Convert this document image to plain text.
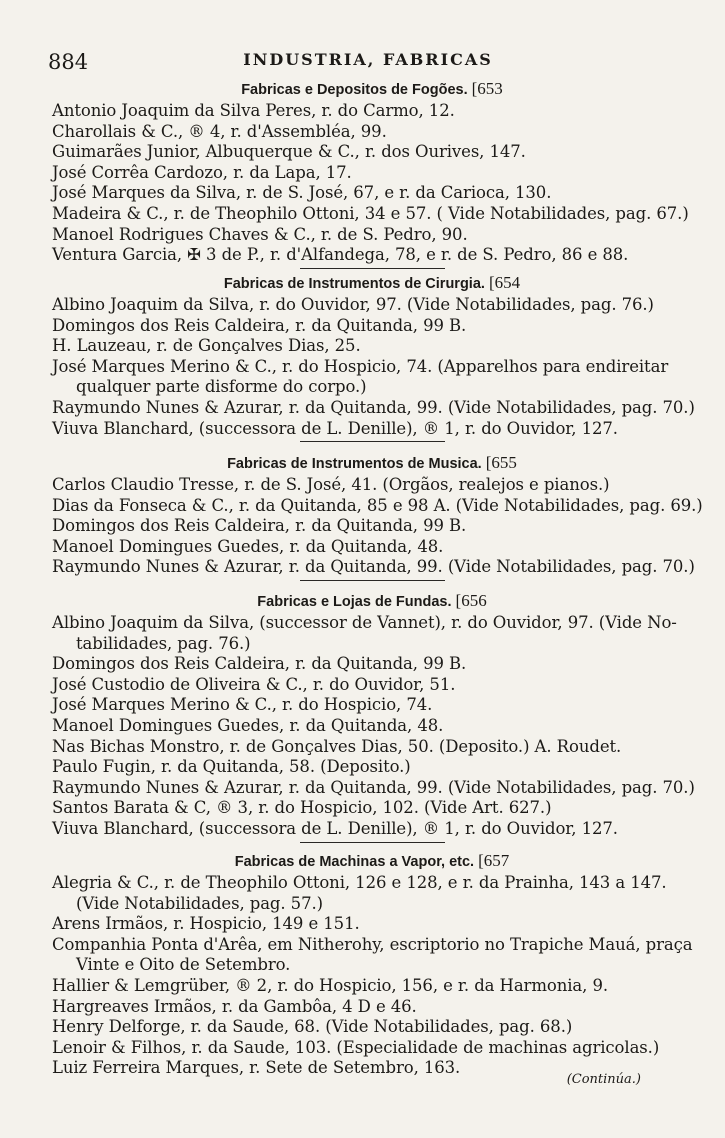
884	INDUSTRIA, FABRICAS
Fabricas e Depositos de Fogões. [653
Antonio Joaquim da Silva Peres, r. do Carmo, 12.
Charollais & C., ® 4, r. d'Assembléa, 99.
Guimarães Junior, Albuquerque & C., r. dos Ourives, 147.
José Corrêa Cardozo, r. da Lapa, 17.
José Marques da Silva, r. de S. José, 67, e r. da Carioca, 130.
Madeira & C., r. de Theophilo Ottoni, 34 e 57. ( Vide Notabilidades, pag. 67.)
Manoel Rodrigues Chaves & C., r. de S. Pedro, 90.
Ventura Garcia, ✠ 3 de P., r. d'Alfandega, 78, e r. de S. Pedro, 86 e 88.
Fabricas de Instrumentos de Cirurgia. [654
Albino Joaquim da Silva, r. do Ouvidor, 97. (Vide Notabilidades, pag. 76.)
Domingos dos Reis Caldeira, r. da Quitanda, 99 B.
H. Lauzeau, r. de Gonçalves Dias, 25.
José Marques Merino & C., r. do Hospicio, 74. (Apparelhos para endireitar
qualquer parte disforme do corpo.)
Raymundo Nunes & Azurar, r. da Quitanda, 99. (Vide Notabilidades, pag. 70.)
Viuva Blanchard, (successora de L. Denille), ® 1, r. do Ouvidor, 127.
Fabricas de Instrumentos de Musica. [655
Carlos Claudio Tresse, r. de S. José, 41. (Orgãos, realejos e pianos.)
Dias da Fonseca & C., r. da Quitanda, 85 e 98 A. (Vide Notabilidades, pag. 69.)
Domingos dos Reis Caldeira, r. da Quitanda, 99 B.
Manoel Domingues Guedes, r. da Quitanda, 48.
Raymundo Nunes & Azurar, r. da Quitanda, 99. (Vide Notabilidades, pag. 70.)
Fabricas e Lojas de Fundas. [656
Albino Joaquim da Silva, (successor de Vannet), r. do Ouvidor, 97. (Vide No-
tabilidades, pag. 76.)
Domingos dos Reis Caldeira, r. da Quitanda, 99 B.
José Custodio de Oliveira & C., r. do Ouvidor, 51.
José Marques Merino & C., r. do Hospicio, 74.
Manoel Domingues Guedes, r. da Quitanda, 48.
Nas Bichas Monstro, r. de Gonçalves Dias, 50. (Deposito.) A. Roudet.
Paulo Fugin, r. da Quitanda, 58. (Deposito.)
Raymundo Nunes & Azurar, r. da Quitanda, 99. (Vide Notabilidades, pag. 70.)
Santos Barata & C, ® 3, r. do Hospicio, 102. (Vide Art. 627.)
Viuva Blanchard, (successora de L. Denille), ® 1, r. do Ouvidor, 127.
Fabricas de Machinas a Vapor, etc. [657
Alegria & C., r. de Theophilo Ottoni, 126 e 128, e r. da Prainha, 143 a 147.
(Vide Notabilidades, pag. 57.)
Arens Irmãos, r. Hospicio, 149 e 151.
Companhia Ponta d'Arêa, em Nitherohy, escriptorio no Trapiche Mauá, praça
Vinte e Oito de Setembro.
Hallier & Lemgrüber, ® 2, r. do Hospicio, 156, e r. da Harmonia, 9.
Hargreaves Irmãos, r. da Gambôa, 4 D e 46.
Henry Delforge, r. da Saude, 68. (Vide Notabilidades, pag. 68.)
Lenoir & Filhos, r. da Saude, 103. (Especialidade de machinas agricolas.)
Luiz Ferreira Marques, r. Sete de Setembro, 163.
(Continúa.)
